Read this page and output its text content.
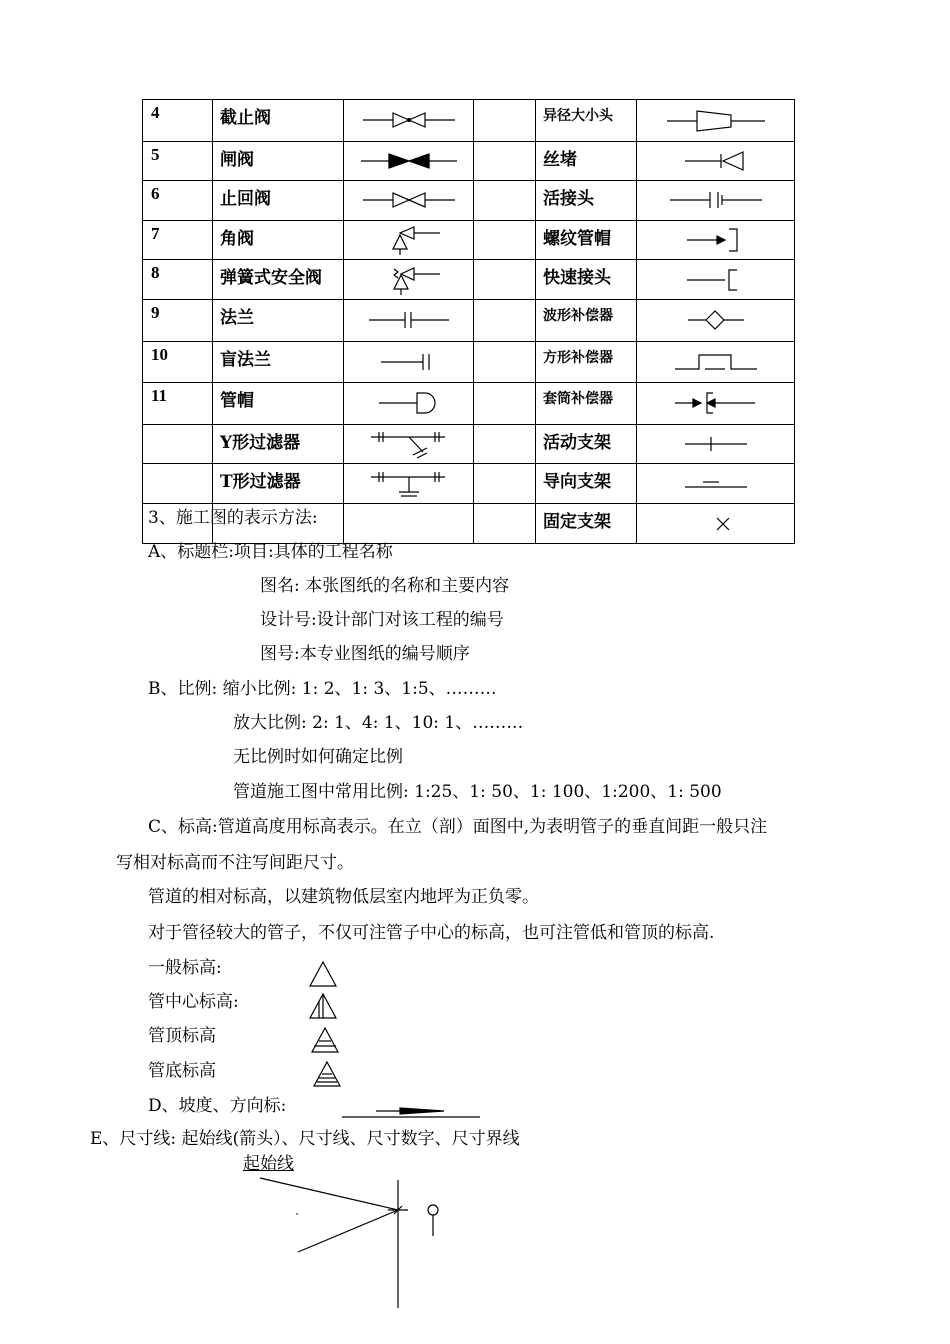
4	截止阀			异径大小头	

5	闸阀			丝堵	

6	止回阀			活接头	

7	角阀			螺纹管帽	

8	弹簧式安全阀			快速接头	

9	法兰			波形补偿器	

10	盲法兰			方形补偿器	

11	管帽			套筒补偿器	

	Y形过滤器			活动支架	

	T形过滤器			导向支架	

				固定支架	
3、施工图的表示方法:
A、标题栏:项目:具体的工程名称
图名: 本张图纸的名称和主要内容
设计号:设计部门对该工程的编号
图号:本专业图纸的编号顺序
B、比例: 缩小比例: 1: 2、1: 3、1:5、………
放大比例: 2: 1、4: 1、10: 1、………
无比例时如何确定比例
管道施工图中常用比例: 1:25、1: 50、1: 100、1:200、1: 500
C、标高:管道高度用标高表示。在立（剖）面图中,为表明管子的垂直间距一般只注
写相对标高而不注写间距尺寸。
管道的相对标高，以建筑物低层室内地坪为正负零。
对于管径较大的管子，不仅可注管子中心的标高，也可注管低和管顶的标高.
一般标高:
管中心标高:
管顶标高
管底标高
D、坡度、方向标:
E、尺寸线: 起始线(箭头）、尺寸线、尺寸数字、尺寸界线
起始线
